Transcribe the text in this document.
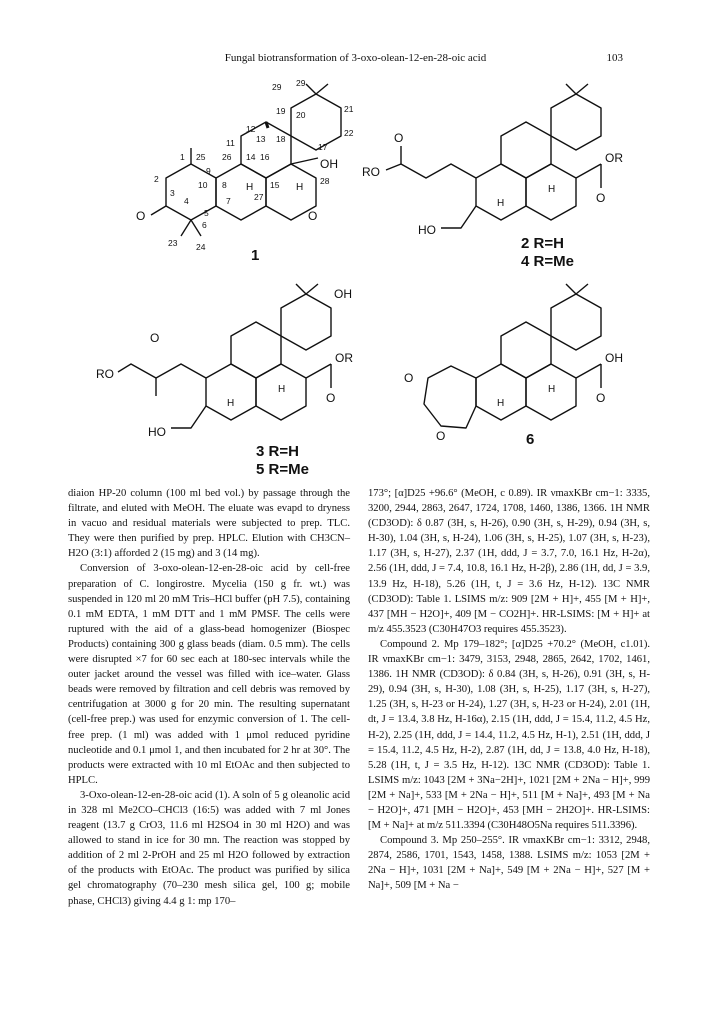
Fungal biotransformation of 3-oxo-olean-12-en-28-oic acid	103
OH
O
O
H
H
29
29
19 20
21
22
12
13 18
11	17
1 25 26 14 16
28
9
2
10 8	15
27
3
4	7
5
23 24
6
O
RO
HO
OR
O
H
H
OH
O
RO
HO
OR
O
H
H
OH
O
O
O
H
H
1
2 R=H
4 R=Me
3 R=H
5 R=Me
6

diaion HP-20 column (100 ml bed vol.) by passage through the filtrate, and eluted with MeOH. The eluate was evapd to dryness in vacuo and residual materials were subjected to prep. TLC. They were then purified by prep. HPLC. Elution with CH3CN–H2O (3:1) afforded 2 (15 mg) and 3 (14 mg).

Conversion of 3-oxo-olean-12-en-28-oic acid by cell-free preparation of C. longirostre. Mycelia (150 g fr. wt.) was suspended in 120 ml 20 mM Tris–HCl buffer (pH 7.5), containing 0.1 mM EDTA, 1 mM DTT and 1 mM PMSF. The cells were ruptured with the aid of a glass-bead homogenizer (Biospec Products) containing 300 g glass beads (diam. 0.5 mm). The cells were disrupted ×7 for 60 sec each at 180-sec intervals while the outer jacket around the vessel was filled with ice–water. Glass beads were removed by filtration and cell debris was removed by centrifugation at 3000 g for 20 min. The resulting supernatant (cell-free prep.) was used for enzymic conversion of 1. The cell-free prep. (1 ml) was added with 1 μmol reduced pyridine nucleotide and 0.1 μmol 1, and then incubated for 2 hr at 30°. The products were extracted with 10 ml EtOAc and then subjected to HPLC.

3-Oxo-olean-12-en-28-oic acid (1). A soln of 5 g oleanolic acid in 328 ml Me2CO–CHCl3 (16:5) was added with 7 ml Jones reagent (13.7 g CrO3, 11.6 ml H2SO4 in 30 ml H2O) and was allowed to stand in ice for 30 mn. The reaction was stopped by addition of 2 ml 2-PrOH and 25 ml H2O followed by extraction of the products with EtOAc. The product was purified by silica gel chromatography (70–230 mesh silica gel, 100 g; mobile phase, CHCl3) giving 4.4 g 1: mp 170–

173°; [α]D25 +96.6° (MeOH, c 0.89). IR νmaxKBr cm−1: 3335, 3200, 2944, 2863, 2647, 1724, 1708, 1460, 1386, 1366. 1H NMR (CD3OD): δ 0.87 (3H, s, H-26), 0.90 (3H, s, H-29), 0.94 (3H, s, H-30), 1.04 (3H, s, H-24), 1.06 (3H, s, H-25), 1.07 (3H, s, H-23), 1.17 (3H, s, H-27), 2.37 (1H, ddd, J = 3.7, 7.0, 16.1 Hz, H-2α), 2.56 (1H, ddd, J = 7.4, 10.8, 16.1 Hz, H-2β), 2.86 (1H, dd, J = 3.9, 13.9 Hz, H-18), 5.26 (1H, t, J = 3.6 Hz, H-12). 13C NMR (CD3OD): Table 1. LSIMS m/z: 909 [2M + H]+, 455 [M + H]+, 437 [MH − H2O]+, 409 [M − CO2H]+. HR-LSIMS: [M + H]+ at m/z 455.3523 (C30H47O3 requires 455.3523).

Compound 2. Mp 179–182°; [α]D25 +70.2° (MeOH, c1.01). IR νmaxKBr cm−1: 3479, 3153, 2948, 2865, 2642, 1702, 1461, 1386. 1H NMR (CD3OD): δ 0.84 (3H, s, H-26), 0.91 (3H, s, H-29), 0.94 (3H, s, H-30), 1.08 (3H, s, H-25), 1.17 (3H, s, H-27), 1.25 (3H, s, H-23 or H-24), 1.27 (3H, s, H-23 or H-24), 2.01 (1H, dt, J = 13.4, 3.8 Hz, H-16α), 2.15 (1H, ddd, J = 15.4, 11.2, 4.5 Hz, H-2), 2.25 (1H, ddd, J = 14.4, 11.2, 4.5 Hz, H-1), 2.51 (1H, ddd, J = 15.4, 11.2, 4.5 Hz, H-2), 2.87 (1H, dd, J = 13.8, 4.0 Hz, H-18), 5.28 (1H, t, J = 3.5 Hz, H-12). 13C NMR (CD3OD): Table 1. LSIMS m/z: 1043 [2M + 3Na−2H]+, 1021 [2M + 2Na − H]+, 999 [2M + Na]+, 533 [M + 2Na − H]+, 511 [M + Na]+, 493 [M + Na − H2O]+, 471 [MH − H2O]+, 453 [MH − 2H2O]+. HR-LSIMS: [M + Na]+ at m/z 511.3394 (C30H48O5Na requires 511.3396).

Compound 3. Mp 250–255°. IR νmaxKBr cm−1: 3312, 2948, 2874, 2586, 1701, 1543, 1458, 1388. LSIMS m/z: 1053 [2M + 2Na − H]+, 1031 [2M + Na]+, 549 [M + 2Na − H]+, 527 [M + Na]+, 509 [M + Na −
